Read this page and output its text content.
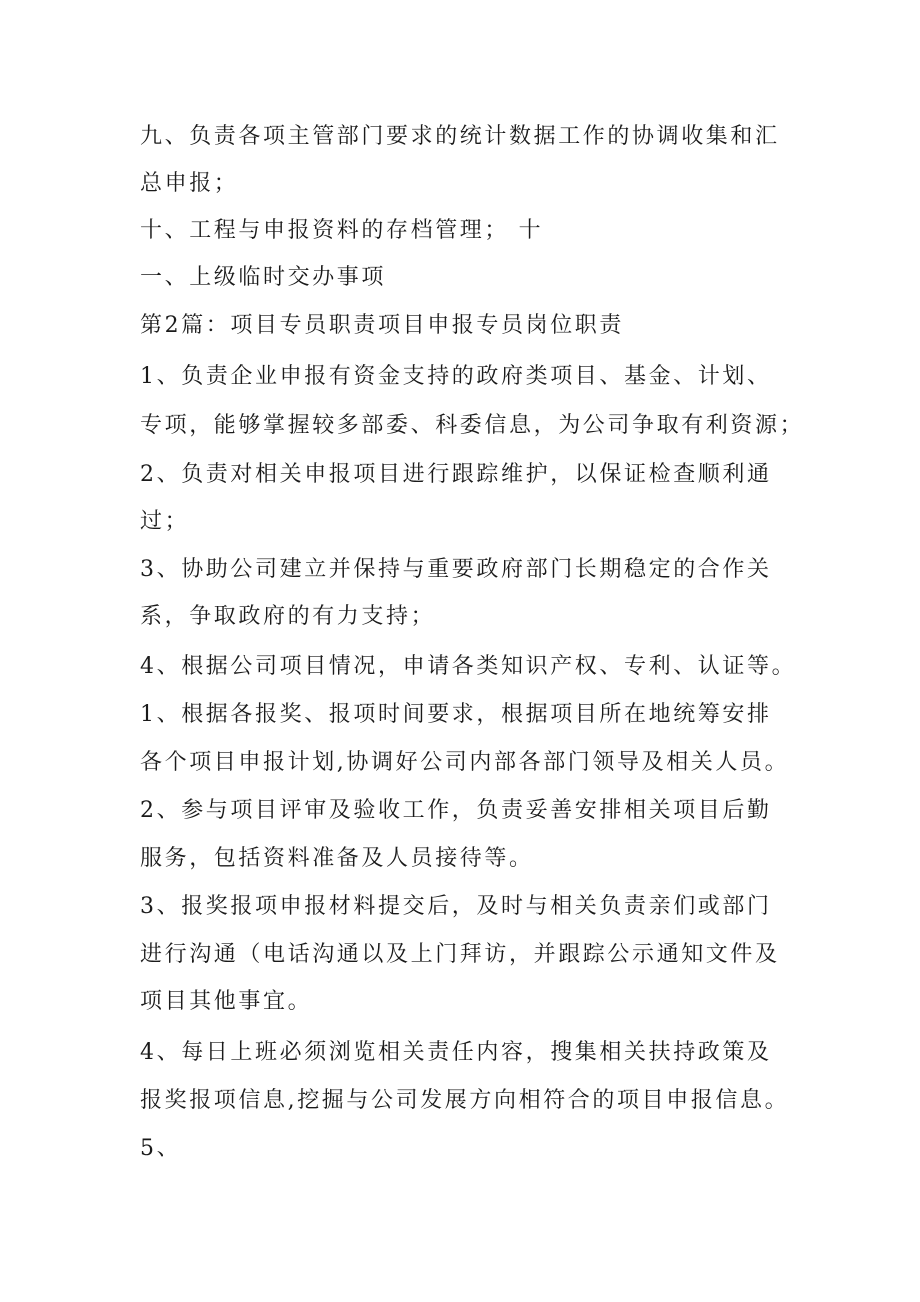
九、负责各项主管部门要求的统计数据工作的协调收集和汇
总申报；
十、工程与申报资料的存档管理； 十
一、上级临时交办事项
第2篇：项目专员职责项目申报专员岗位职责
1、负责企业申报有资金支持的政府类项目、基金、计划、
专项，能够掌握较多部委、科委信息，为公司争取有利资源；
2、负责对相关申报项目进行跟踪维护，以保证检查顺利通
过；
3、协助公司建立并保持与重要政府部门长期稳定的合作关
系，争取政府的有力支持；
4、根据公司项目情况，申请各类知识产权、专利、认证等。
1、根据各报奖、报项时间要求，根据项目所在地统筹安排
各个项目申报计划,协调好公司内部各部门领导及相关人员。
2、参与项目评审及验收工作，负责妥善安排相关项目后勤
服务，包括资料准备及人员接待等。
3、报奖报项申报材料提交后，及时与相关负责亲们或部门
进行沟通（电话沟通以及上门拜访，并跟踪公示通知文件及
项目其他事宜。
4、每日上班必须浏览相关责任内容，搜集相关扶持政策及
报奖报项信息,挖掘与公司发展方向相符合的项目申报信息。
5、
